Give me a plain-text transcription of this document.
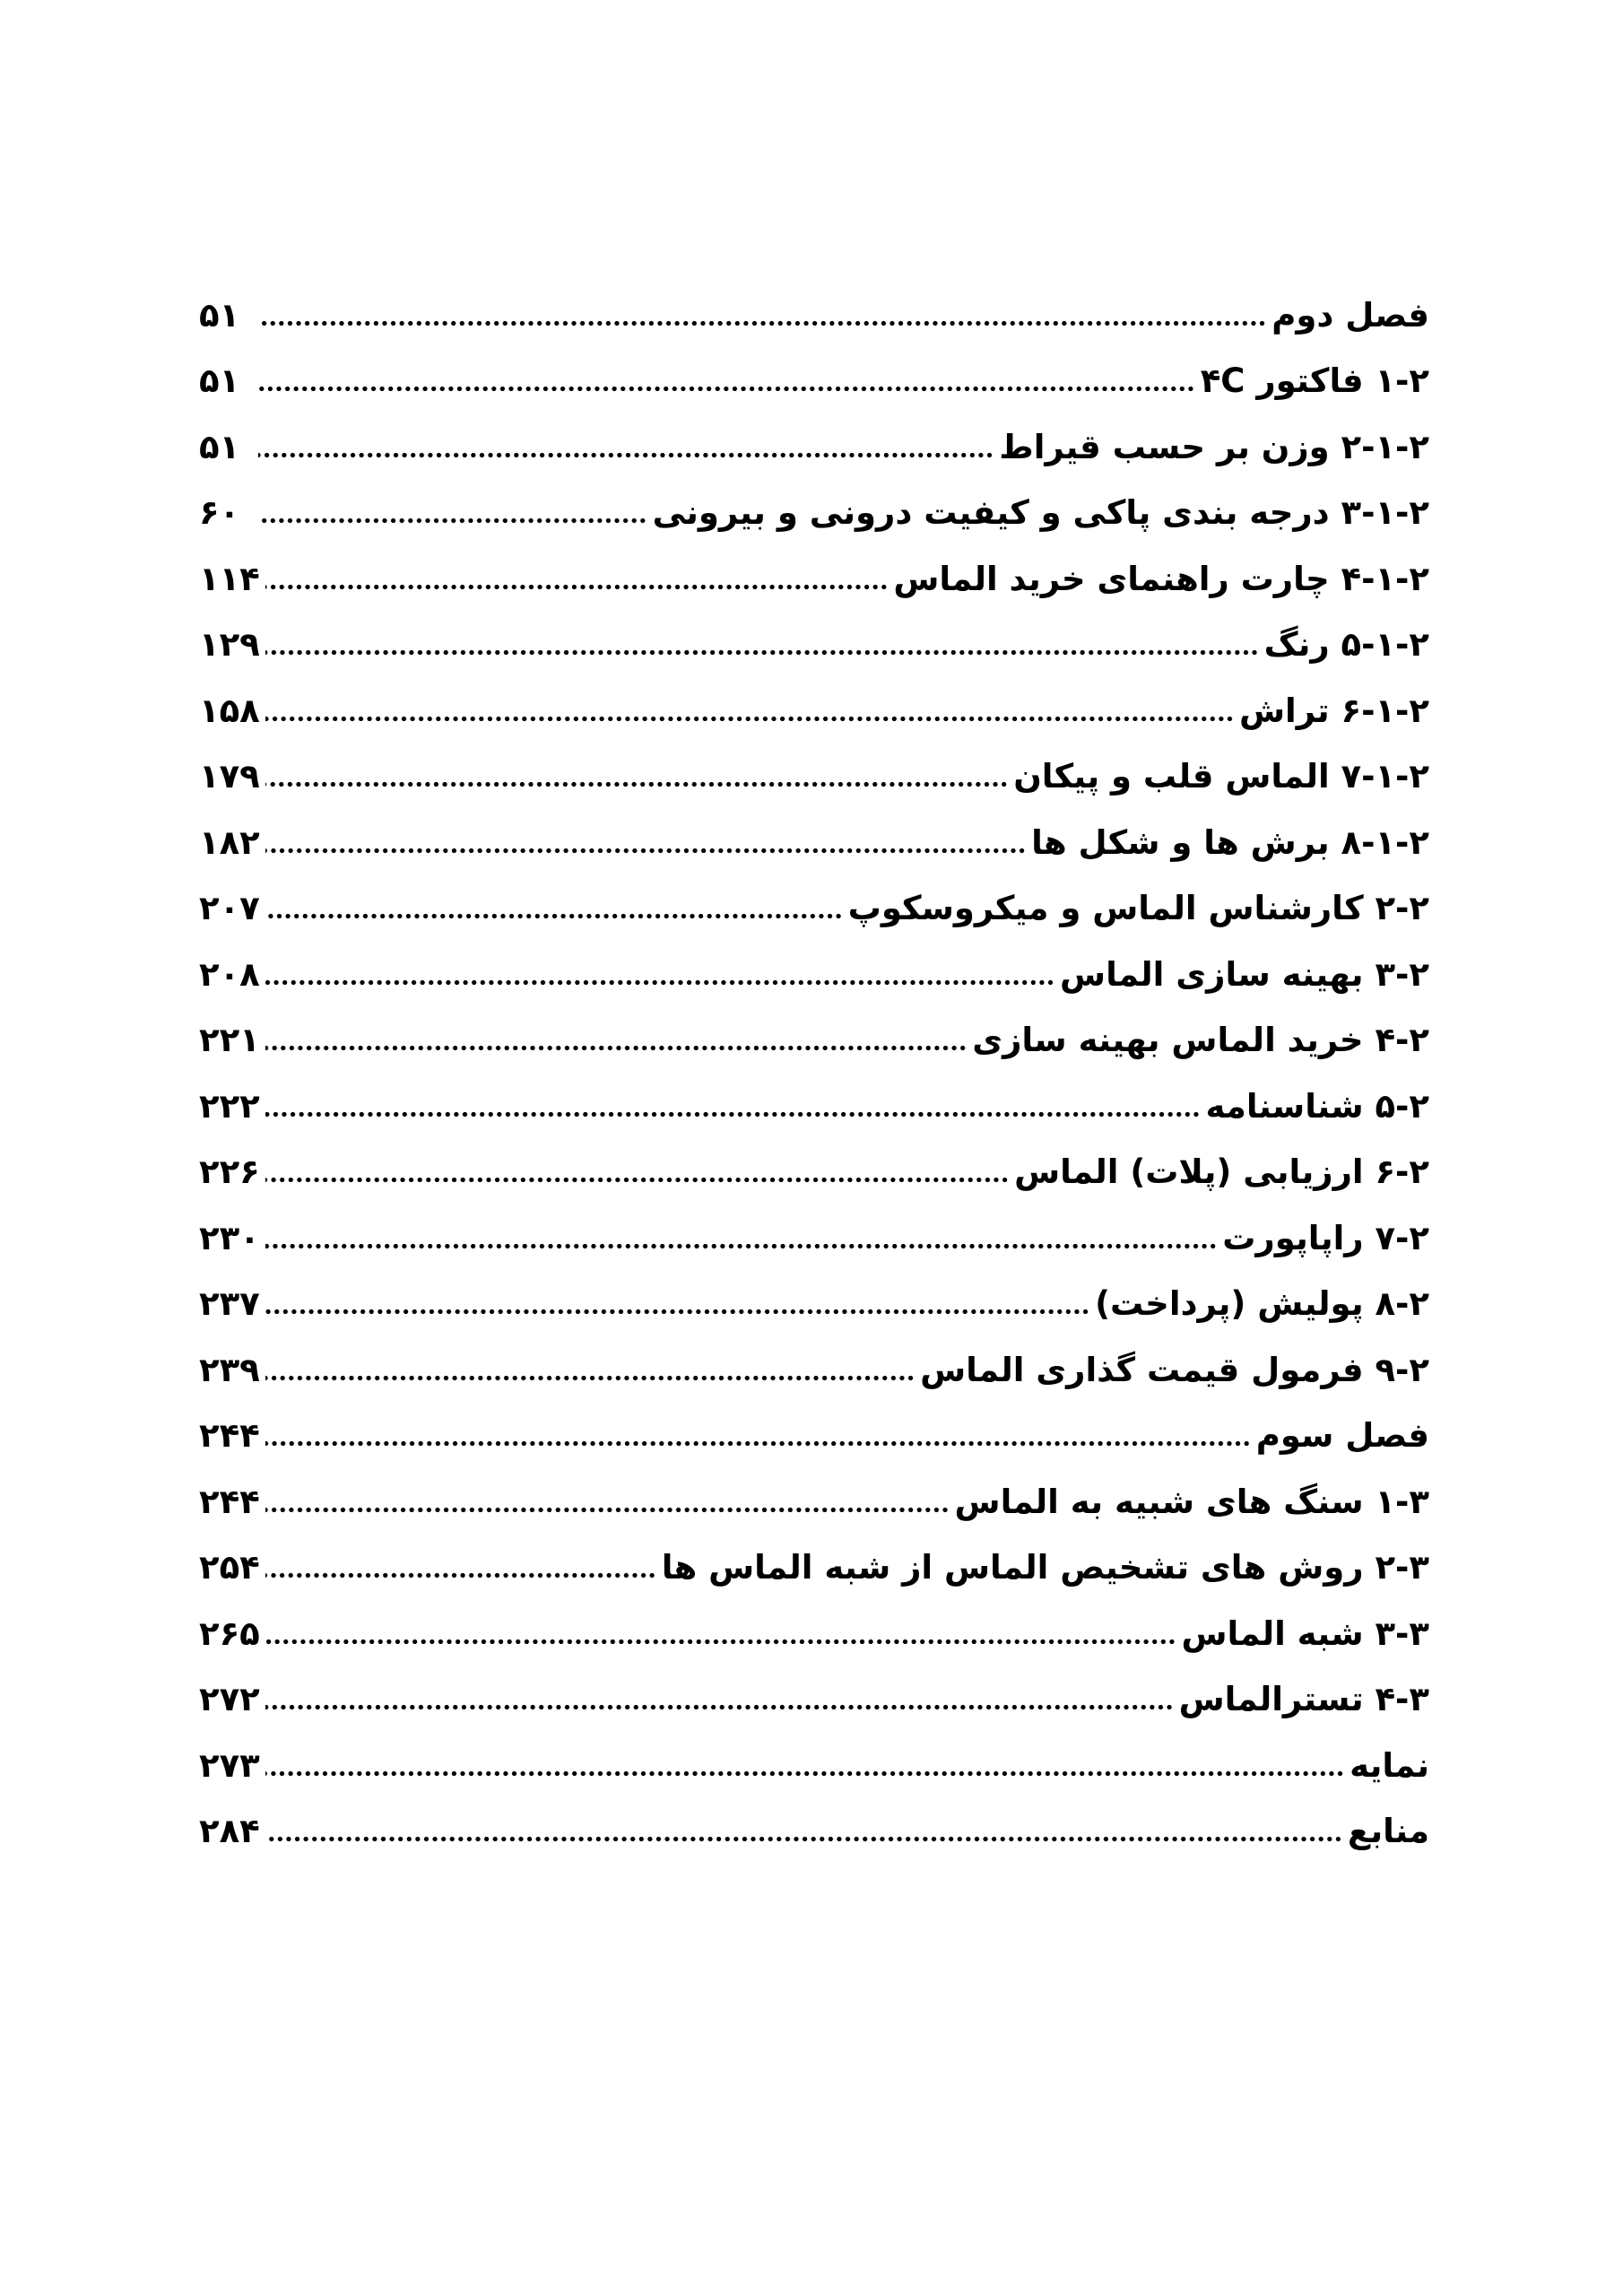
فصل دوم
۵۱
۱-۲ فاکتور ۴C
۵۱
۲-۱-۲ وزن بر حسب قیراط
۵۱
۳-۱-۲ درجه بندی پاکی و کیفیت درونی و بیرونی
۶۰
۴-۱-۲ چارت راهنمای خرید الماس
۱۱۴
۵-۱-۲ رنگ
۱۲۹
۶-۱-۲ تراش
۱۵۸
۷-۱-۲ الماس قلب و پیکان
۱۷۹
۸-۱-۲ برش ها و شکل ها
۱۸۲
۲-۲ کارشناس الماس و میکروسکوپ
۲۰۷
۳-۲ بهینه سازی الماس
۲۰۸
۴-۲ خرید الماس بهینه سازی
۲۲۱
۵-۲ شناسنامه
۲۲۲
۶-۲ ارزیابی (پلات) الماس
۲۲۶
۷-۲ راپاپورت
۲۳۰
۸-۲ پولیش (پرداخت)
۲۳۷
۹-۲ فرمول قیمت گذاری الماس
۲۳۹
فصل سوم
۲۴۴
۱-۳ سنگ های شبیه به الماس
۲۴۴
۲-۳ روش های تشخیص الماس از شبه الماس ها
۲۵۴
۳-۳ شبه الماس
۲۶۵
۴-۳ تسترالماس
۲۷۲
نمایه
۲۷۳
منابع
۲۸۴
